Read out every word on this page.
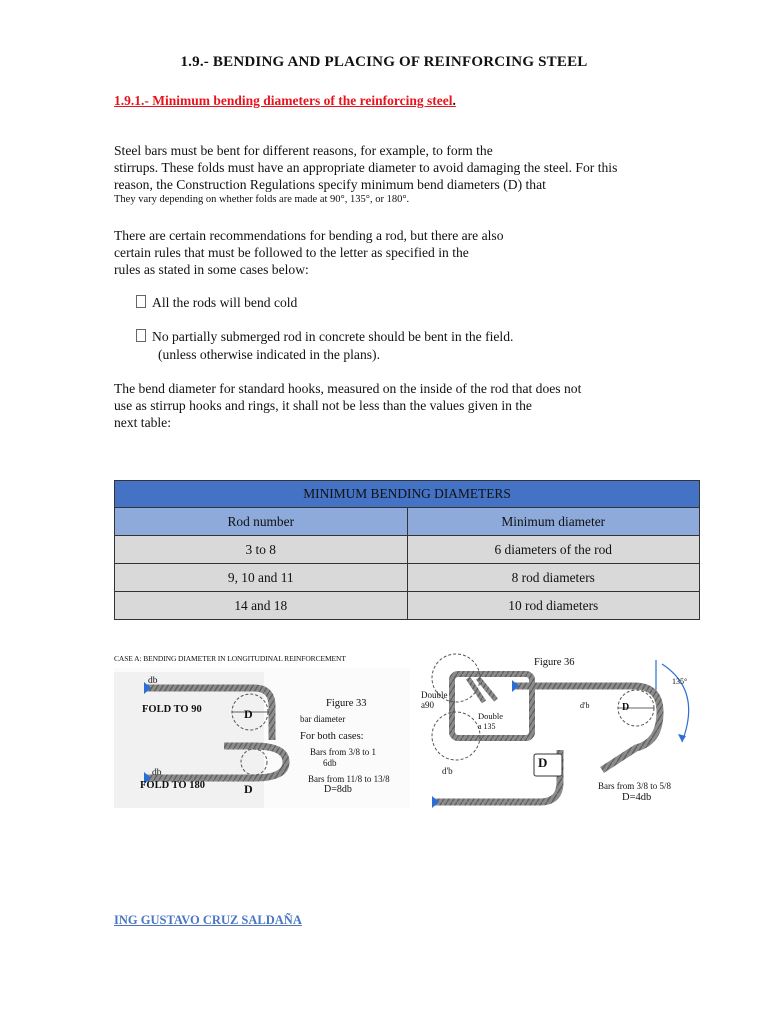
1.9.- BENDING AND PLACING OF REINFORCING STEEL
1.9.1.- Minimum bending diameters of the reinforcing steel.
Steel bars must be bent for different reasons, for example, to form the
stirrups. These folds must have an appropriate diameter to avoid damaging the steel. For this
reason, the Construction Regulations specify minimum bend diameters (D) that
They vary depending on whether folds are made at 90°, 135°, or 180°.
There are certain recommendations for bending a rod, but there are also
certain rules that must be followed to the letter as specified in the
rules as stated in some cases below:
All the rods will bend cold
No partially submerged rod in concrete should be bent in the field.
(unless otherwise indicated in the plans).
The bend diameter for standard hooks, measured on the inside of the rod that does not
use as stirrup hooks and rings, it shall not be less than the values given in the
next table:
MINIMUM BENDING DIAMETERS	
Rod number	Minimum diameter
3 to 8	6 diameters of the rod
9, 10 and 11	8 rod diameters
14 and 18	10 rod diameters
CASE A: BENDING DIAMETER IN LONGITUDINAL REINFORCEMENT
db
FOLD TO 90	D
db
FOLD TO 180	D
Figure 33
bar diameter
For both cases:
Bars from 3/8 to 1
6db
Bars from 11/8 to 13/8
D=8db
Figure 36
Double
a90
Double
a 135
d'b
D
d'b	D
135°
Bars from 3/8 to 5/8
D=4db
ING GUSTAVO CRUZ SALDAÑA
